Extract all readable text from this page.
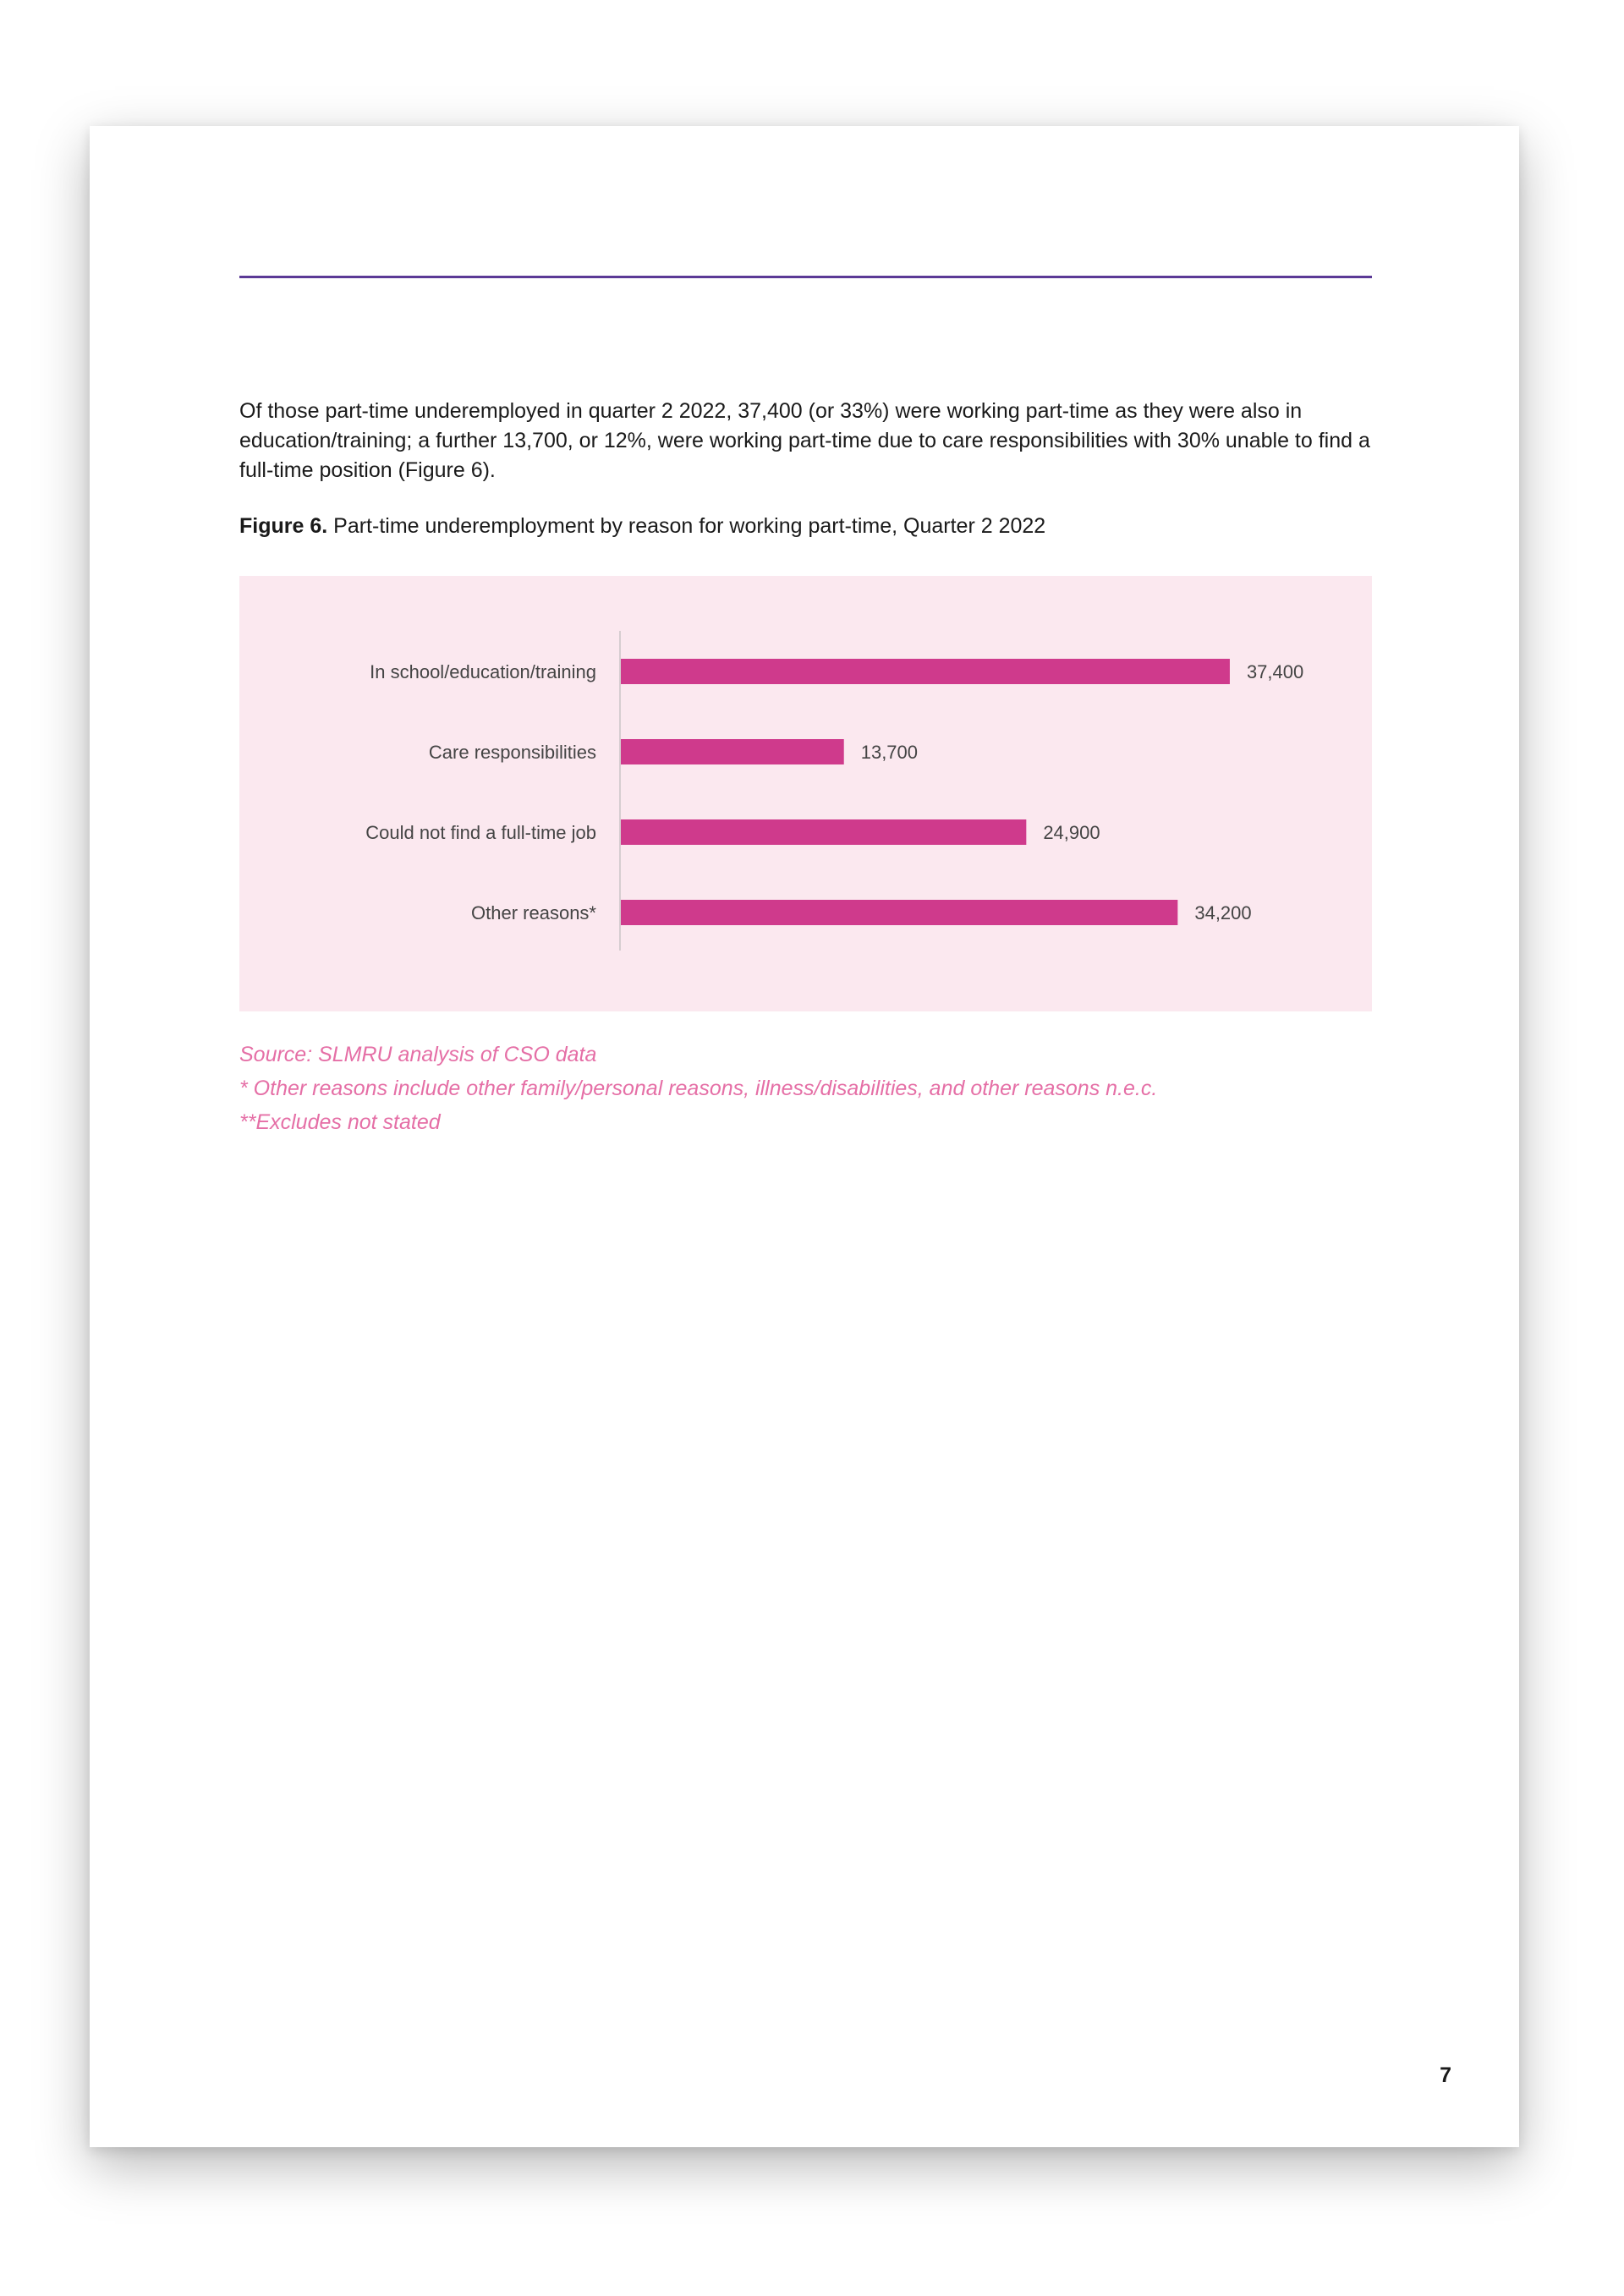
Of those part-time underemployed in quarter 2 2022, 37,400 (or 33%) were working part-time as they were also in education/training; a further 13,700, or 12%, were working part-time due to care responsibilities with 30% unable to find a full-time position (Figure 6).

Figure 6. Part-time underemployment by reason for working part-time, Quarter 2 2022

In school/education/training	37,400
Care responsibilities	13,700
Could not find a full-time job	24,900
Other reasons*	34,200
Source: SLMRU analysis of CSO data
* Other reasons include other family/personal reasons, illness/disabilities, and other reasons n.e.c.
**Excludes not stated
7
